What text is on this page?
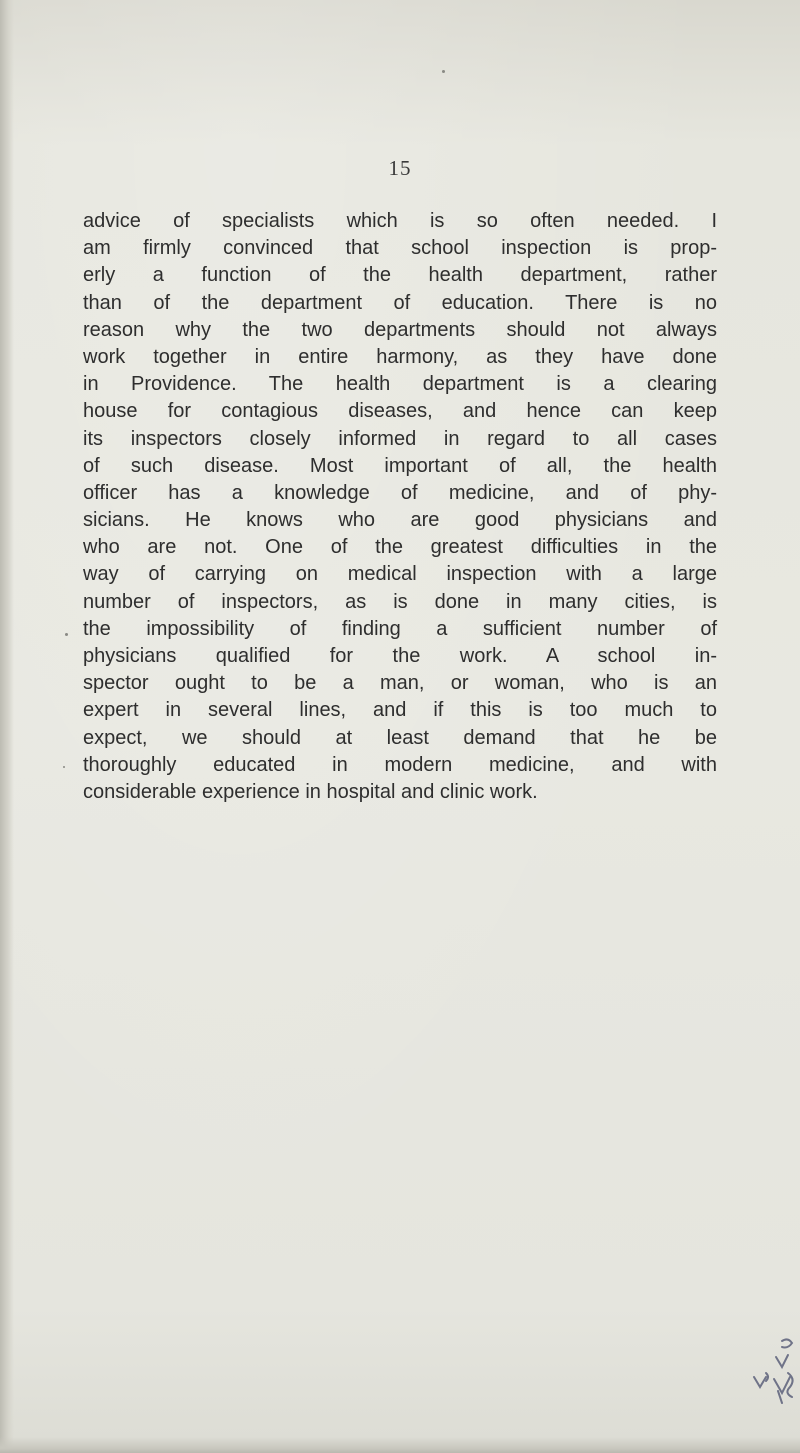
15
advice of specialists which is so often needed. I
am firmly convinced that school inspection is prop-
erly a function of the health department, rather
than of the department of education. There is no
reason why the two departments should not always
work together in entire harmony, as they have done
in Providence. The health department is a clearing
house for contagious diseases, and hence can keep
its inspectors closely informed in regard to all cases
of such disease. Most important of all, the health
officer has a knowledge of medicine, and of phy-
sicians. He knows who are good physicians and
who are not. One of the greatest difficulties in the
way of carrying on medical inspection with a large
number of inspectors, as is done in many cities, is
the impossibility of finding a sufficient number of
physicians qualified for the work. A school in-
spector ought to be a man, or woman, who is an
expert in several lines, and if this is too much to
expect, we should at least demand that he be
thoroughly educated in modern medicine, and with
considerable experience in hospital and clinic work.
